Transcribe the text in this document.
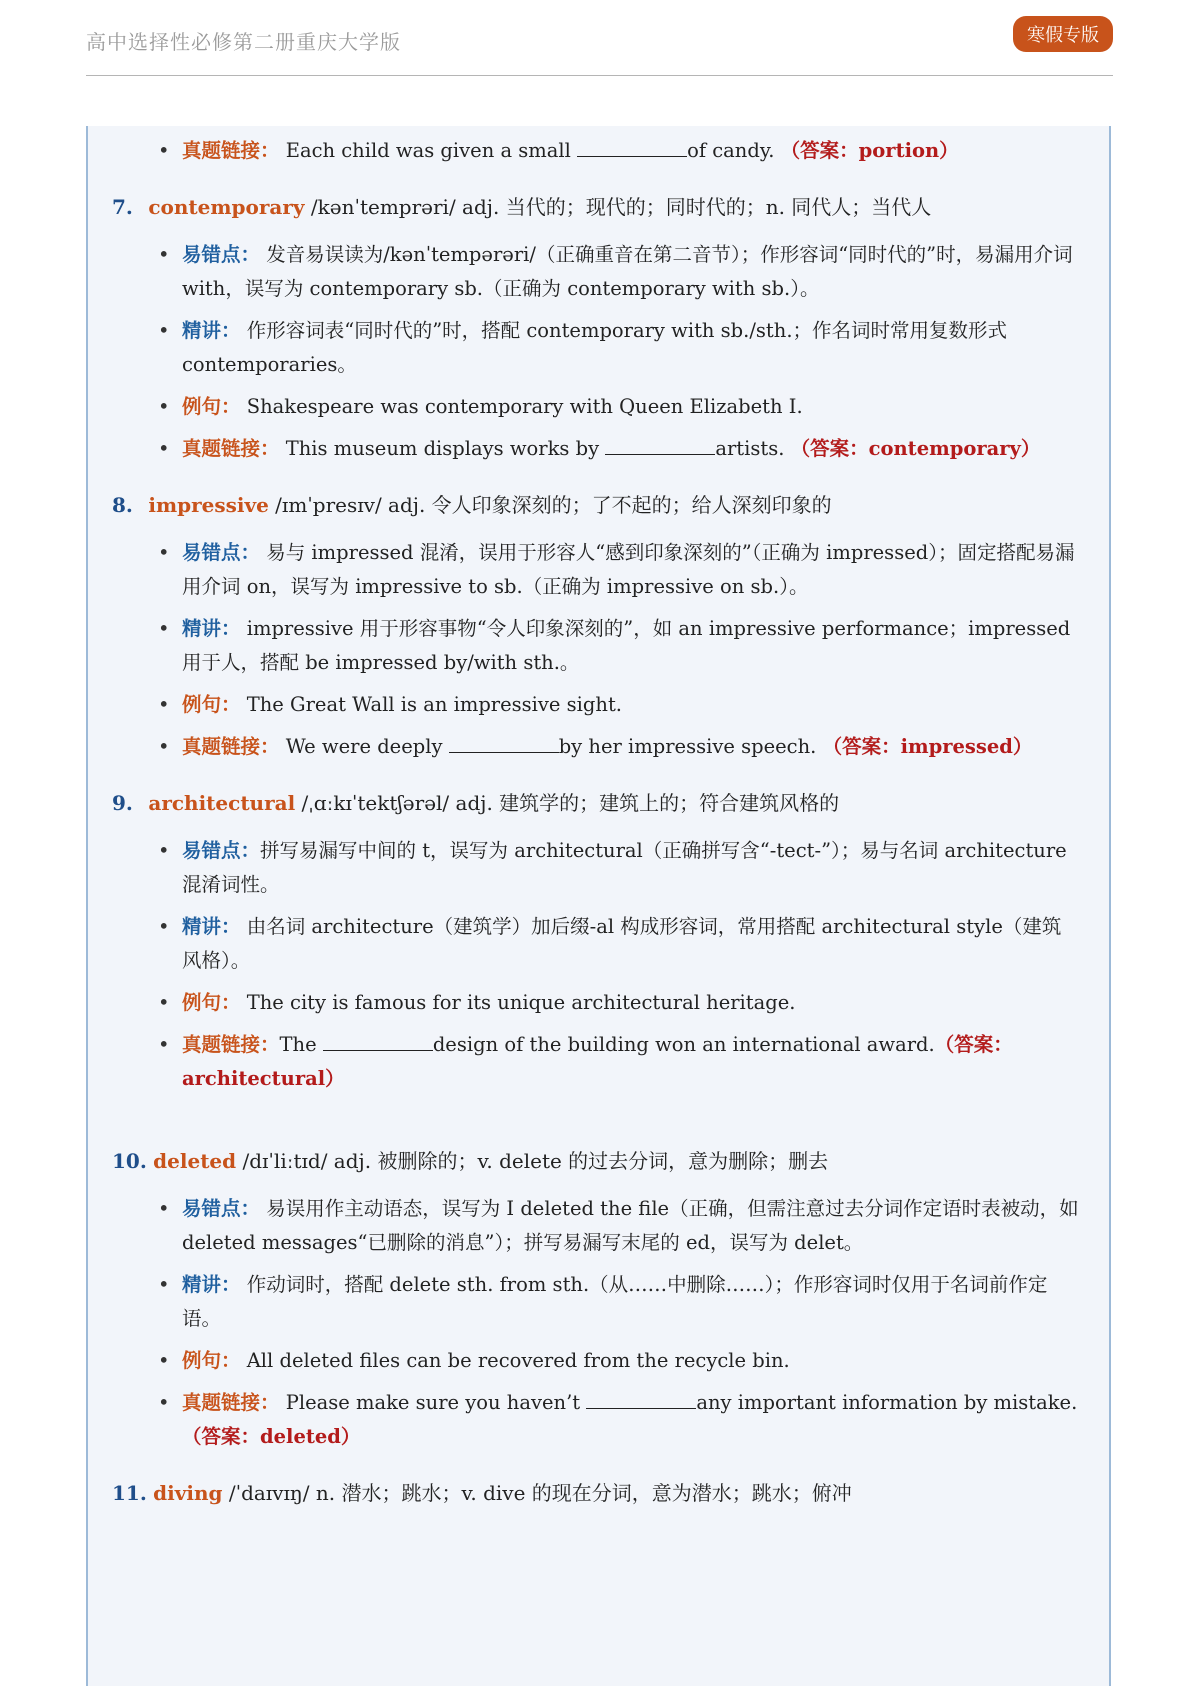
高中选择性必修第二册重庆大学版	寒假专版
• 真题链接： Each child was given a small	of candy. （答案：portion）
7. contemporary /kənˈtemprəri/ adj. 当代的；现代的；同时代的；n. 同代人；当代人
• 易错点： 发音易误读为/kənˈtempərəri/（正确重音在第二音节）；作形容词“同时代的”时，易漏用介词 with，误写为 contemporary sb.（正确为 contemporary with sb.）。
• 精讲： 作形容词表“同时代的”时，搭配 contemporary with sb./sth.；作名词时常用复数形式 contemporaries。
• 例句： Shakespeare was contemporary with Queen Elizabeth I.
• 真题链接： This museum displays works by	artists. （答案：contemporary）
8. impressive /ɪmˈpresɪv/ adj. 令人印象深刻的；了不起的；给人深刻印象的
• 易错点： 易与 impressed 混淆，误用于形容人“感到印象深刻的”（正确为 impressed）；固定搭配易漏用介词 on，误写为 impressive to sb.（正确为 impressive on sb.）。
• 精讲： impressive 用于形容事物“令人印象深刻的”，如 an impressive performance；impressed 用于人，搭配 be impressed by/with sth.。
• 例句： The Great Wall is an impressive sight.
• 真题链接： We were deeply	by her impressive speech. （答案：impressed）
9. architectural /ˌɑːkɪˈtektʃərəl/ adj. 建筑学的；建筑上的；符合建筑风格的
• 易错点：拼写易漏写中间的 t，误写为 architectural（正确拼写含“-tect-”）；易与名词 architecture 混淆词性。
• 精讲： 由名词 architecture（建筑学）加后缀-al 构成形容词，常用搭配 architectural style（建筑风格）。
• 例句： The city is famous for its unique architectural heritage.
• 真题链接：The	design of the building won an international award.（答案：architectural）
10. deleted /dɪˈliːtɪd/ adj. 被删除的；v. delete 的过去分词，意为删除；删去
• 易错点： 易误用作主动语态，误写为 I deleted the file（正确，但需注意过去分词作定语时表被动，如 deleted messages“已删除的消息”）；拼写易漏写末尾的 ed，误写为 delet。
• 精讲： 作动词时，搭配 delete sth. from sth.（从……中删除……）；作形容词时仅用于名词前作定语。
• 例句： All deleted files can be recovered from the recycle bin.
• 真题链接： Please make sure you haven’t	any important information by mistake. （答案：deleted）
11. diving /ˈdaɪvɪŋ/ n. 潜水；跳水；v. dive 的现在分词，意为潜水；跳水；俯冲
